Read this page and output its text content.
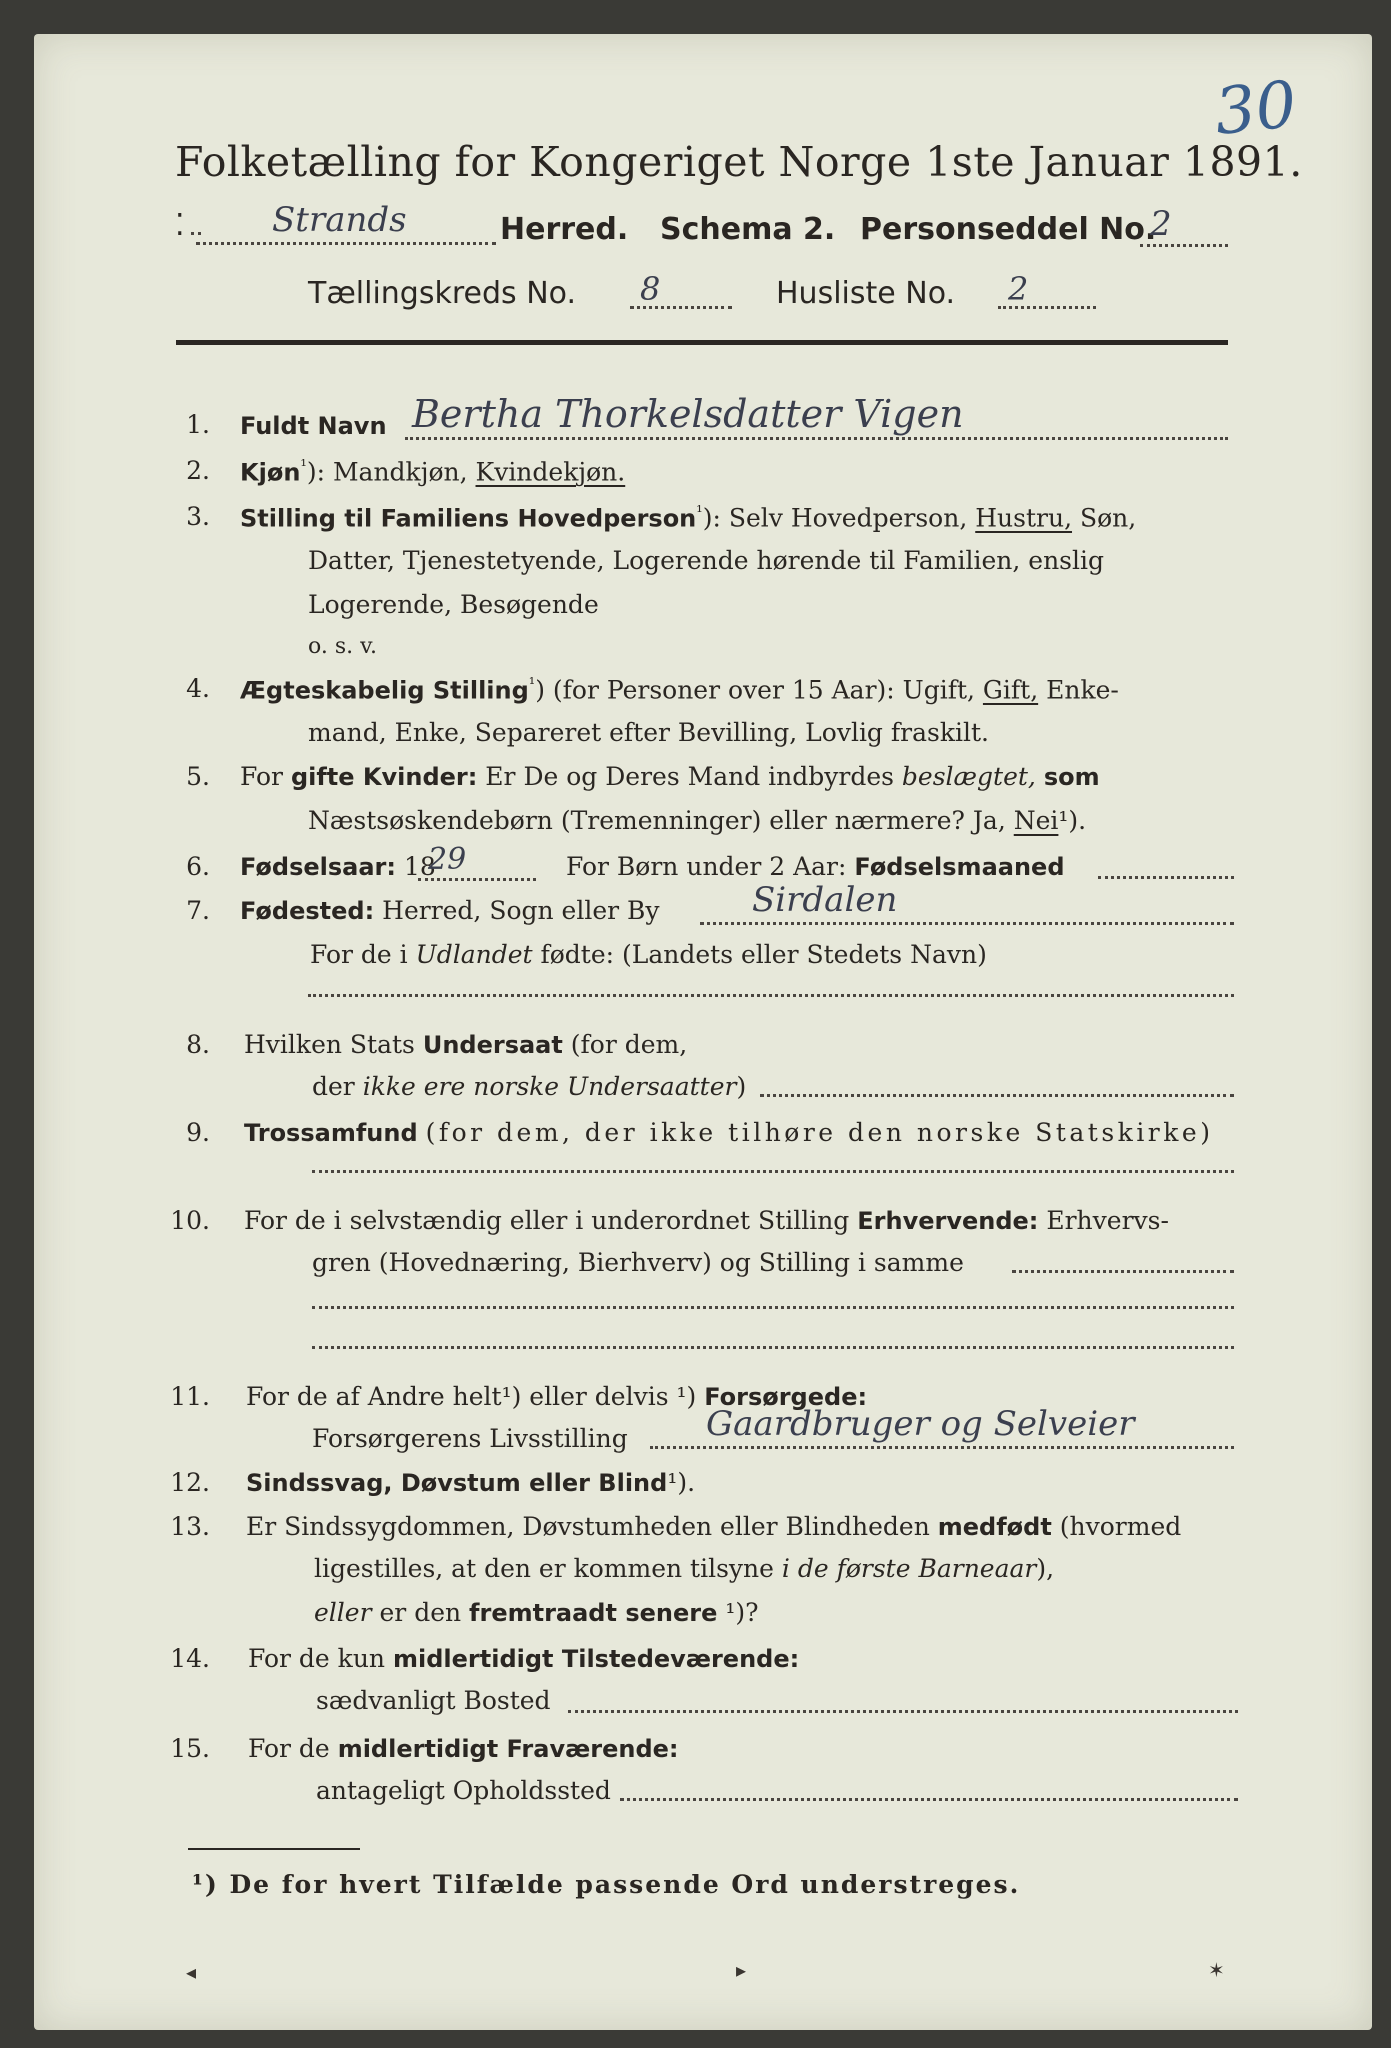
30
Folketælling for Kongeriget Norge 1ste Januar 1891.
⁚ Strands	Herred. Schema 2. Personseddel No.
2
Tællingskreds No. 8	Husliste No. 2
1. Fuldt Navn Bertha Thorkelsdatter Vigen
2. Kjøn$^{^1}$): Mandkjøn, Kvindekjøn.
3. Stilling til Familiens Hovedperson$^{^1}$): Selv Hovedperson, Hustru, Søn,
Datter, Tjenestetyende, Logerende hørende til Familien, enslig
Logerende, Besøgende
o. s. v.
4. Ægteskabelig Stilling$^{^1}$) (for Personer over 15 Aar): Ugift, Gift, Enke-
mand, Enke, Separeret efter Bevilling, Lovlig fraskilt.
5. For gifte Kvinder: Er De og Deres Mand indbyrdes beslægtet, som
Næstsøskendebørn (Tremenninger) eller nærmere? Ja, Nei¹).
6. Fødselsaar: 18
29	For Børn under 2 Aar: Fødselsmaaned
7. Fødested: Herred, Sogn eller By	Sirdalen
For de i Udlandet fødte: (Landets eller Stedets Navn)
8. Hvilken Stats Undersaat (for dem,
der ikke ere norske Undersaatter)
9. Trossamfund (for dem, der ikke tilhøre den norske Statskirke)
10. For de i selvstændig eller i underordnet Stilling Erhvervende: Erhvervs-
gren (Hovednæring, Bierhverv) og Stilling i samme
11. For de af Andre helt¹) eller delvis ¹) Forsørgede:
Forsørgerens Livsstilling Gaardbruger og Selveier
12. Sindssvag, Døvstum eller Blind¹).
13. Er Sindssygdommen, Døvstumheden eller Blindheden medfødt (hvormed
ligestilles, at den er kommen tilsyne i de første Barneaar),
eller er den fremtraadt senere ¹)?
14. For de kun midlertidigt Tilstedeværende:
sædvanligt Bosted
15. For de midlertidigt Fraværende:
antageligt Opholdssted
¹) De for hvert Tilfælde passende Ord understreges.
◂	▸	✶
